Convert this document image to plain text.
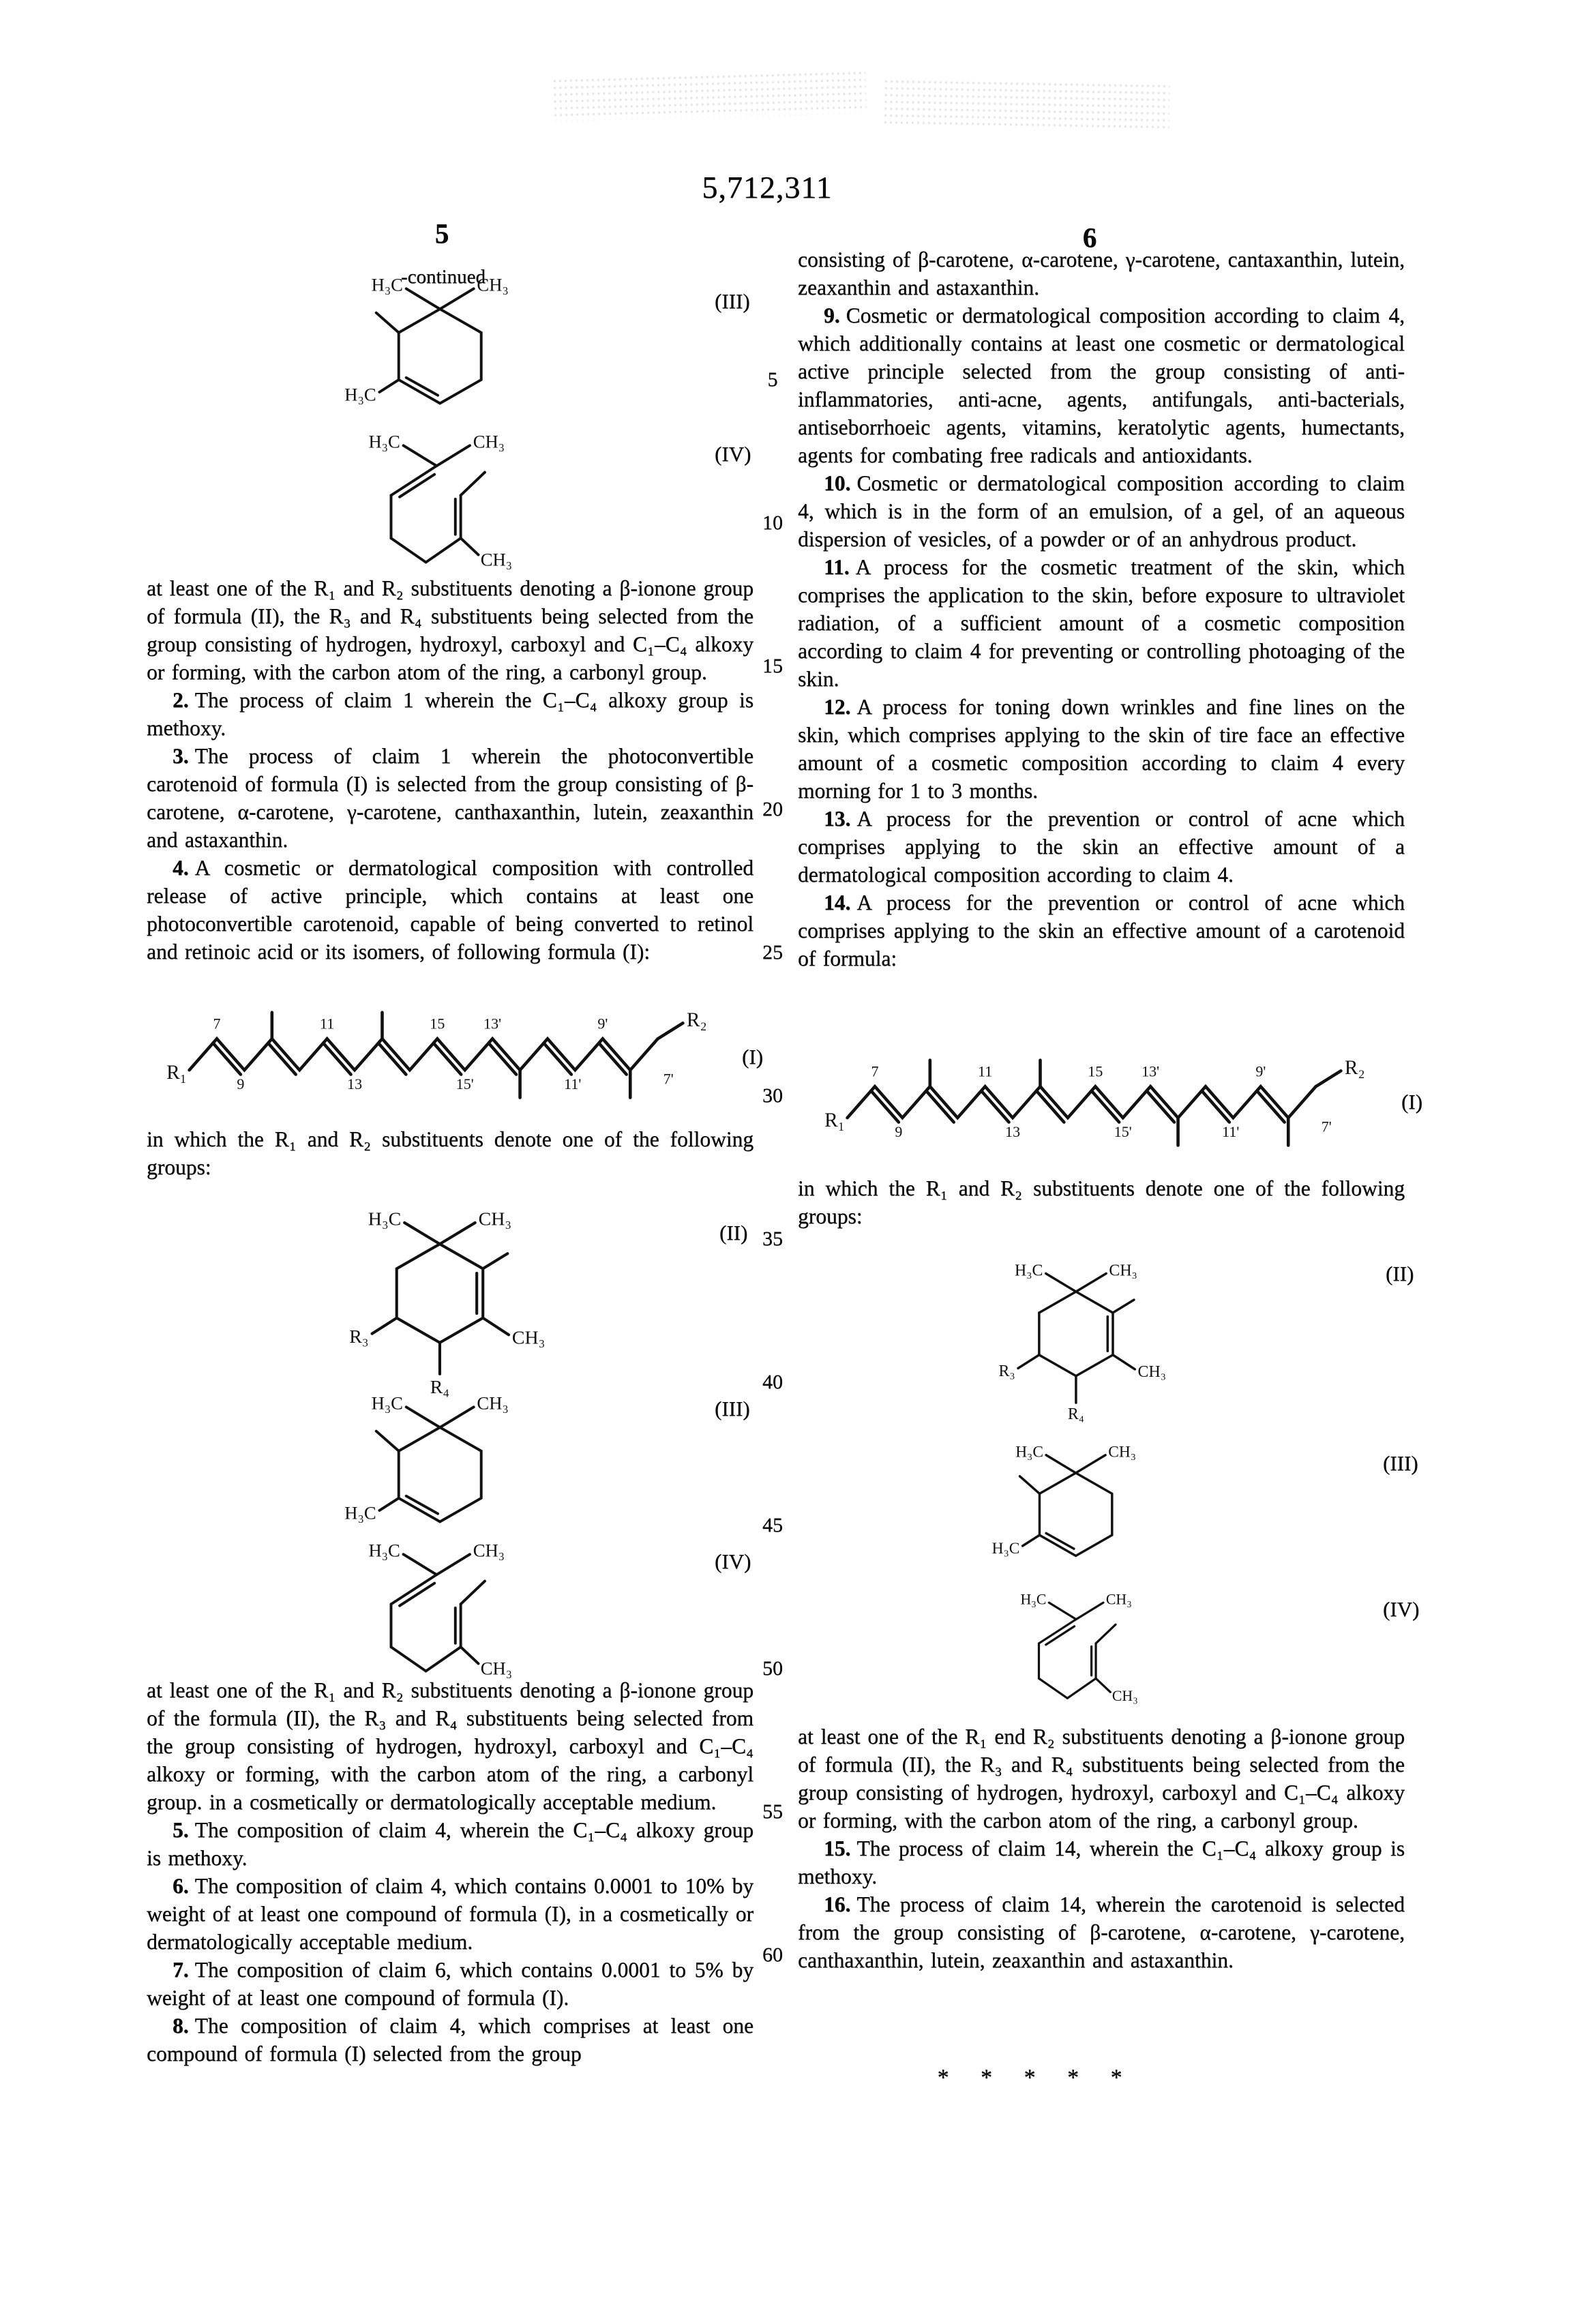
5,712,311
5	6
5
10
15
20
25
30
35
40
45
50
55
60
-continued
H₃C	CH₃
H₃C
(III)
H₃C	CH₃
CH₃
(IV)

at least one of the R₁ and R₂ substituents denoting a β-ionone group of formula (II), the R₃ and R₄ substituents being selected from the group consisting of hydrogen, hydroxyl, carboxyl and C₁–C₄ alkoxy or forming, with the carbon atom of the ring, a carbonyl group.

2. The process of claim 1 wherein the C₁–C₄ alkoxy group is methoxy.

3. The process of claim 1 wherein the photoconvertible carotenoid of formula (I) is selected from the group consisting of β-carotene, α-carotene, γ-carotene, canthaxanthin, lutein, zeaxanthin and astaxanthin.

4. A cosmetic or dermatological composition with controlled release of active principle, which contains at least one photoconvertible carotenoid, capable of being converted to retinol and retinoic acid or its isomers, of following formula (I):

R₁
R₂
7	11	15 13'	9'
9	13	15'	11'	7'
(I)

in which the R₁ and R₂ substituents denote one of the following groups:

H₃C	CH₃
CH₃
R₃
R₄
(II)
H₃C	CH₃
H₃C
(III)
H₃C	CH₃
CH₃
(IV)

at least one of the R₁ and R₂ substituents denoting a β-ionone group of the formula (II), the R₃ and R₄ substituents being selected from the group consisting of hydrogen, hydroxyl, carboxyl and C₁–C₄ alkoxy or forming, with the carbon atom of the ring, a carbonyl group. in a cosmetically or dermatologically acceptable medium.

5. The composition of claim 4, wherein the C₁–C₄ alkoxy group is methoxy.

6. The composition of claim 4, which contains 0.0001 to 10% by weight of at least one compound of formula (I), in a cosmetically or dermatologically acceptable medium.

7. The composition of claim 6, which contains 0.0001 to 5% by weight of at least one compound of formula (I).

8. The composition of claim 4, which comprises at least one compound of formula (I) selected from the group

consisting of β-carotene, α-carotene, γ-carotene, cantaxanthin, lutein, zeaxanthin and astaxanthin.

9. Cosmetic or dermatological composition according to claim 4, which additionally contains at least one cosmetic or dermatological active principle selected from the group consisting of anti-inflammatories, anti-acne, agents, antifungals, anti-bacterials, antiseborrhoeic agents, vitamins, keratolytic agents, humectants, agents for combating free radicals and antioxidants.

10. Cosmetic or dermatological composition according to claim 4, which is in the form of an emulsion, of a gel, of an aqueous dispersion of vesicles, of a powder or of an anhydrous product.

11. A process for the cosmetic treatment of the skin, which comprises the application to the skin, before exposure to ultraviolet radiation, of a sufficient amount of a cosmetic composition according to claim 4 for preventing or controlling photoaging of the skin.

12. A process for toning down wrinkles and fine lines on the skin, which comprises applying to the skin of tire face an effective amount of a cosmetic composition according to claim 4 every morning for 1 to 3 months.

13. A process for the prevention or control of acne which comprises applying to the skin an effective amount of a dermatological composition according to claim 4.

14. A process for the prevention or control of acne which comprises applying to the skin an effective amount of a carotenoid of formula:

R₁
R₂
7	11	15 13'	9'
9	13	15'	11'	7'
(I)

in which the R₁ and R₂ substituents denote one of the following groups:

H₃C	CH₃
CH₃
R₃
R₄
(II)
H₃C	CH₃
H₃C
(III)
H₃C	CH₃
CH₃
(IV)

at least one of the R₁ end R₂ substituents denoting a β-ionone group of formula (II), the R₃ and R₄ substituents being selected from the group consisting of hydrogen, hydroxyl, carboxyl and C₁–C₄ alkoxy or forming, with the carbon atom of the ring, a carbonyl group.

15. The process of claim 14, wherein the C₁–C₄ alkoxy group is methoxy.

16. The process of claim 14, wherein the carotenoid is selected from the group consisting of β-carotene, α-carotene, γ-carotene, canthaxanthin, lutein, zeaxanthin and astaxanthin.

* * * * *
